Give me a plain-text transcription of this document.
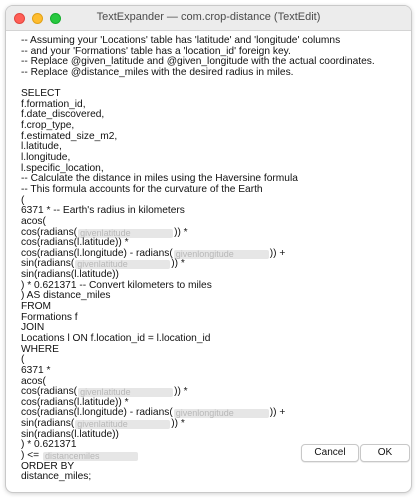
TextExpander — com.crop-distance (TextEdit)
-- Assuming your 'Locations' table has 'latitude' and 'longitude' columns
-- and your 'Formations' table has a 'location_id' foreign key.
-- Replace @given_latitude and @given_longitude with the actual coordinates.
-- Replace @distance_miles with the desired radius in miles.
SELECT
f.formation_id,
f.date_discovered,
f.crop_type,
f.estimated_size_m2,
l.latitude,
l.longitude,
l.specific_location,
-- Calculate the distance in miles using the Haversine formula
-- This formula accounts for the curvature of the Earth
(
6371 * -- Earth's radius in kilometers
acos(
cos(radians( givenlatitude	)) *
cos(radians(l.latitude)) *
cos(radians(l.longitude) - radians( givenlongitude	)) +
sin(radians( givenlatitude	)) *
sin(radians(l.latitude))
) * 0.621371 -- Convert kilometers to miles
) AS distance_miles
FROM
Formations f
JOIN
Locations l ON f.location_id = l.location_id
WHERE
(
6371 *
acos(
cos(radians( givenlatitude	)) *
cos(radians(l.latitude)) *
cos(radians(l.longitude) - radians( givenlongitude	)) +
sin(radians( givenlatitude	)) *
sin(radians(l.latitude))
) * 0.621371
) <= distancemiles
ORDER BY
distance_miles;
Cancel	OK
